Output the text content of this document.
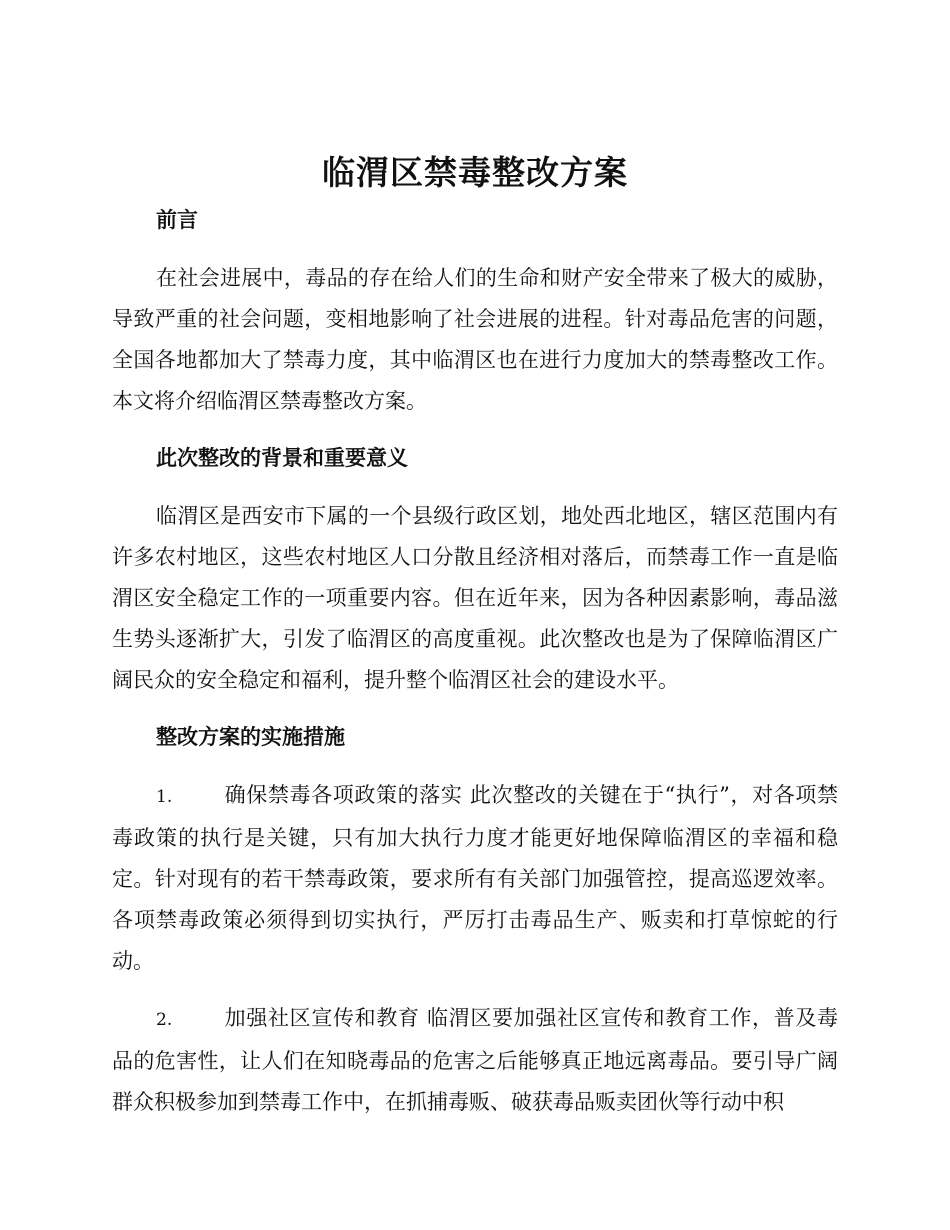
临渭区禁毒整改方案

前言

在社会进展中，毒品的存在给人们的生命和财产安全带来了极大的威胁，导致严重的社会问题，变相地影响了社会进展的进程。针对毒品危害的问题，全国各地都加大了禁毒力度，其中临渭区也在进行力度加大的禁毒整改工作。本文将介绍临渭区禁毒整改方案。

此次整改的背景和重要意义

临渭区是西安市下属的一个县级行政区划，地处西北地区，辖区范围内有许多农村地区，这些农村地区人口分散且经济相对落后，而禁毒工作一直是临渭区安全稳定工作的一项重要内容。但在近年来，因为各种因素影响，毒品滋生势头逐渐扩大，引发了临渭区的高度重视。此次整改也是为了保障临渭区广阔民众的安全稳定和福利，提升整个临渭区社会的建设水平。

整改方案的实施措施

1. 确保禁毒各项政策的落实 此次整改的关键在于“执行”，对各项禁毒政策的执行是关键，只有加大执行力度才能更好地保障临渭区的幸福和稳定。针对现有的若干禁毒政策，要求所有有关部门加强管控，提高巡逻效率。各项禁毒政策必须得到切实执行，严厉打击毒品生产、贩卖和打草惊蛇的行动。

2. 加强社区宣传和教育 临渭区要加强社区宣传和教育工作，普及毒品的危害性，让人们在知晓毒品的危害之后能够真正地远离毒品。要引导广阔群众积极参加到禁毒工作中，在抓捕毒贩、破获毒品贩卖团伙等行动中积
